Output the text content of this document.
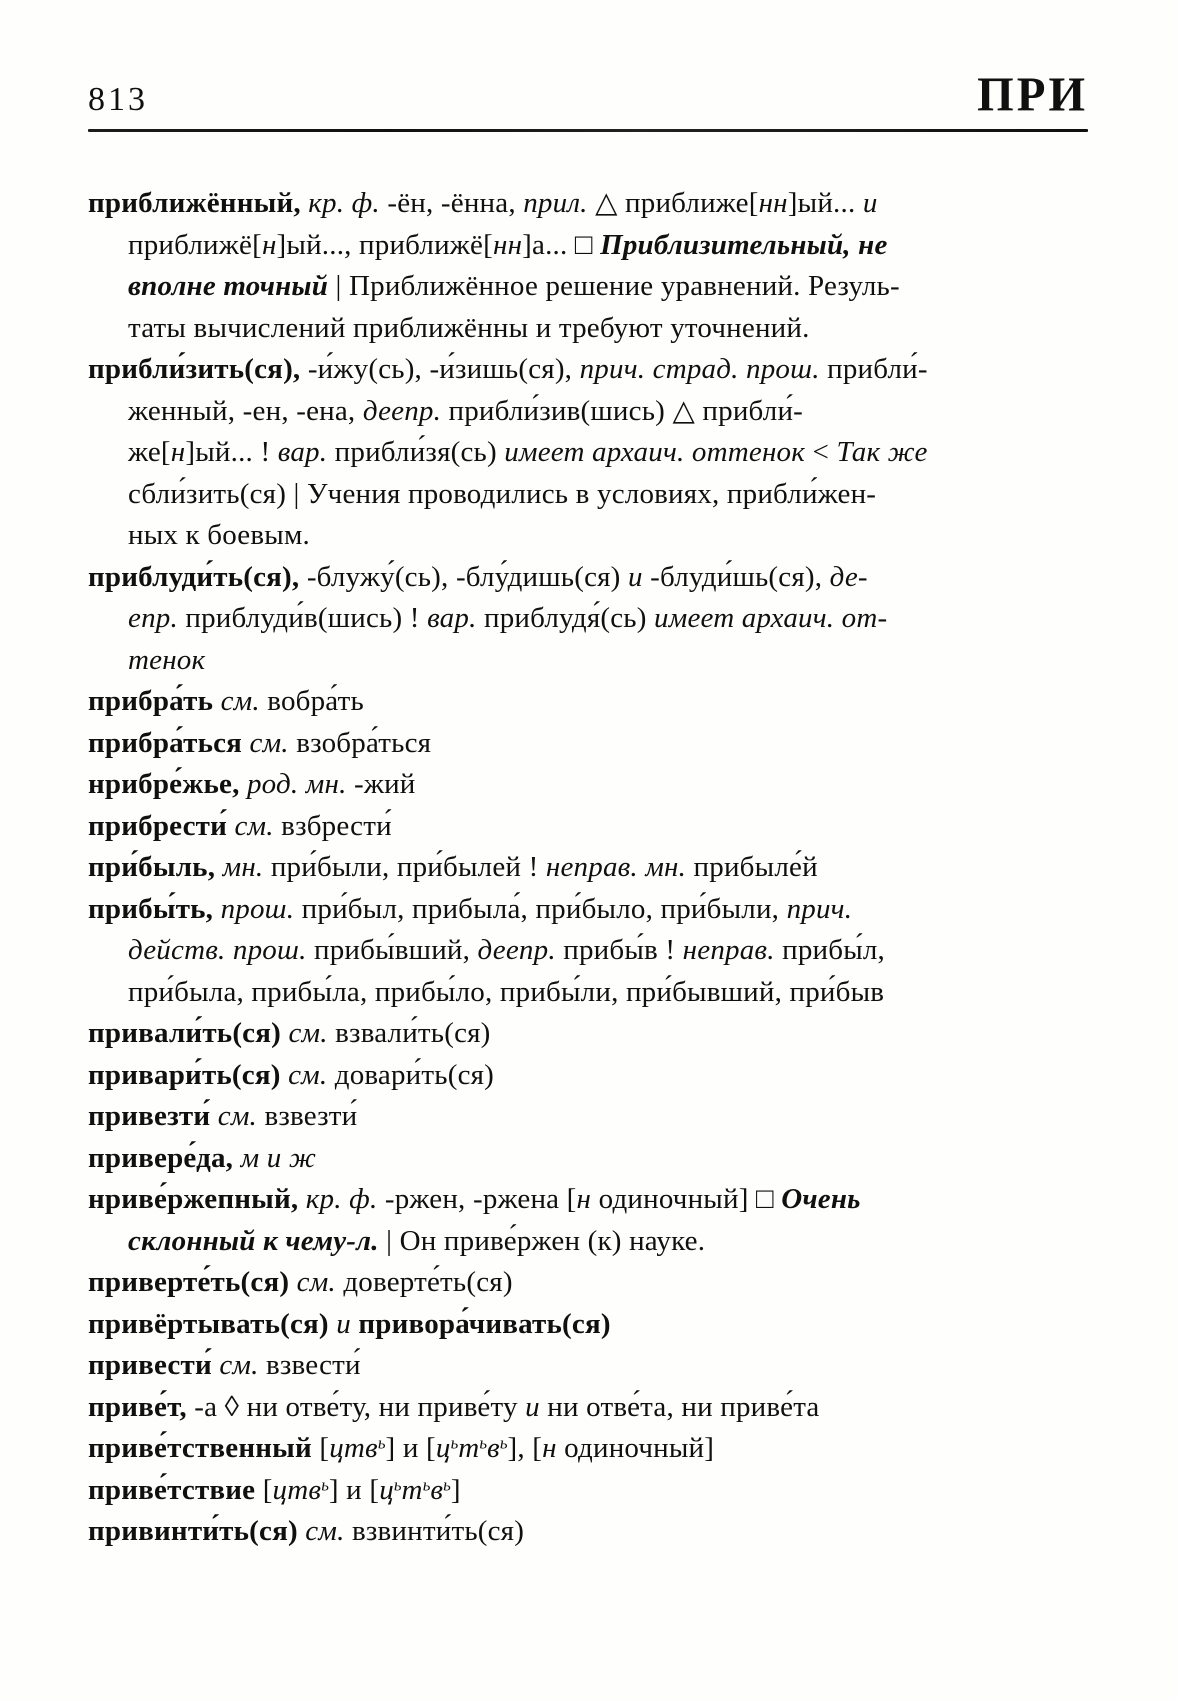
813	ПРИ

приближённый, кр. ф. -ён, -ённа, прил. △ приближе[нн]ый... и
приближё[н]ый..., приближё[нн]а... □ Приблизительный, не
вполне точный | Приближённое решение уравнений. Резуль-
таты вычислений приближённы и требуют уточнений.

прибли́зить(ся), -и́жу(сь), -и́зишь(ся), прич. страд. прош. прибли́-
женный, -ен, -ена, деепр. прибли́зив(шись) △ прибли́-
же[н]ый... ! вар. прибли́зя(сь) имеет архаич. оттенок < Так же
сбли́зить(ся) | Учения проводились в условиях, прибли́жен-
ных к боевым.

приблуди́ть(ся), -блужу́(сь), -блу́дишь(ся) и -блуди́шь(ся), де-
епр. приблуди́в(шись) ! вар. приблудя́(сь) имеет архаич. от-
тенок

прибра́ть см. вобра́ть

прибра́ться см. взобра́ться

нрибре́жье, род. мн. -жий

прибрести́ см. взбрести́

при́быль, мн. при́были, при́былей ! неправ. мн. прибыле́й

прибы́ть, прош. при́был, прибыла́, при́было, при́были, прич.
действ. прош. прибы́вший, деепр. прибы́в ! неправ. прибы́л,
при́была, прибы́ла, прибы́ло, прибы́ли, при́бывший, при́быв

привали́ть(ся) см. взвали́ть(ся)

привари́ть(ся) см. довари́ть(ся)

привезти́ см. взвезти́

привере́да, м и ж

нриве́ржепный, кр. ф. -ржен, -ржена [н одиночный] □ Очень
склонный к чему-л. | Он приве́ржен (к) науке.

приверте́ть(ся) см. доверте́ть(ся)

привёртывать(ся) и привора́чивать(ся)

привести́ см. взвести́

приве́т, -а ◊ ни отве́ту, ни приве́ту и ни отве́та, ни приве́та

приве́тственный [цтв$^ь$] и $[ц^ьт^ьв^ь]$, [н одиночный]

приве́тствие [цтв$^ь$] и $[ц^ьт^ьв^ь]$

привинти́ть(ся) см. взвинти́ть(ся)
